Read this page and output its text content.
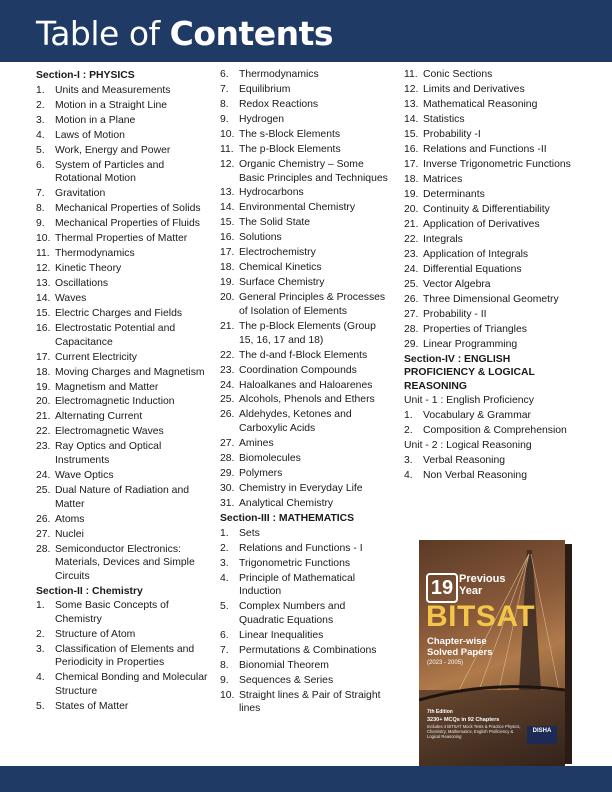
Table of Contents
Section-I : PHYSICS
1. Units and Measurements
2. Motion in a Straight Line
3. Motion in a Plane
4. Laws of Motion
5. Work, Energy and Power
6. System of Particles and Rotational Motion
7. Gravitation
8. Mechanical Properties of Solids
9. Mechanical Properties of Fluids
10. Thermal Properties of Matter
11. Thermodynamics
12. Kinetic Theory
13. Oscillations
14. Waves
15. Electric Charges and Fields
16. Electrostatic Potential and Capacitance
17. Current Electricity
18. Moving Charges and Magnetism
19. Magnetism and Matter
20. Electromagnetic Induction
21. Alternating Current
22. Electromagnetic Waves
23. Ray Optics and Optical Instruments
24. Wave Optics
25. Dual Nature of Radiation and Matter
26. Atoms
27. Nuclei
28. Semiconductor Electronics: Materials, Devices and Simple Circuits
Section-II : Chemistry
1. Some Basic Concepts of Chemistry
2. Structure of Atom
3. Classification of Elements and Periodicity in Properties
4. Chemical Bonding and Molecular Structure
5. States of Matter
6. Thermodynamics
7. Equilibrium
8. Redox Reactions
9. Hydrogen
10. The s-Block Elements
11. The p-Block Elements
12. Organic Chemistry – Some Basic Principles and Techniques
13. Hydrocarbons
14. Environmental Chemistry
15. The Solid State
16. Solutions
17. Electrochemistry
18. Chemical Kinetics
19. Surface Chemistry
20. General Principles & Processes of Isolation of Elements
21. The p-Block Elements (Group 15, 16, 17 and 18)
22. The d-and f-Block Elements
23. Coordination Compounds
24. Haloalkanes and Haloarenes
25. Alcohols, Phenols and Ethers
26. Aldehydes, Ketones and Carboxylic Acids
27. Amines
28. Biomolecules
29. Polymers
30. Chemistry in Everyday Life
31. Analytical Chemistry
Section-III : MATHEMATICS
1. Sets
2. Relations and Functions - I
3. Trigonometric Functions
4. Principle of Mathematical Induction
5. Complex Numbers and Quadratic Equations
6. Linear Inequalities
7. Permutations & Combinations
8. Bionomial Theorem
9. Sequences & Series
10. Straight lines & Pair of Straight lines
11. Conic Sections
12. Limits and Derivatives
13. Mathematical Reasoning
14. Statistics
15. Probability -I
16. Relations and Functions -II
17. Inverse Trigonometric Functions
18. Matrices
19. Determinants
20. Continuity & Differentiability
21. Application of Derivatives
22. Integrals
23. Application of Integrals
24. Differential Equations
25. Vector Algebra
26. Three Dimensional Geometry
27. Probability - II
28. Properties of Triangles
29. Linear Programming
Section-IV : ENGLISH PROFICIENCY & LOGICAL REASONING
Unit - 1 : English Proficiency
1. Vocabulary & Grammar
2. Composition & Comprehension
Unit - 2 : Logical Reasoning
3. Verbal Reasoning
4. Non Verbal Reasoning
19 Previous Year
BITSAT
Chapter-wise Solved Papers
(2023 - 2005)
7th Edition
3230+ MCQs in 92 Chapters
Includes 4 BITSAT Mock Tests & Practice Physics, Chemistry, Mathematics, English Proficiency & Logical Reasoning
DISHA
